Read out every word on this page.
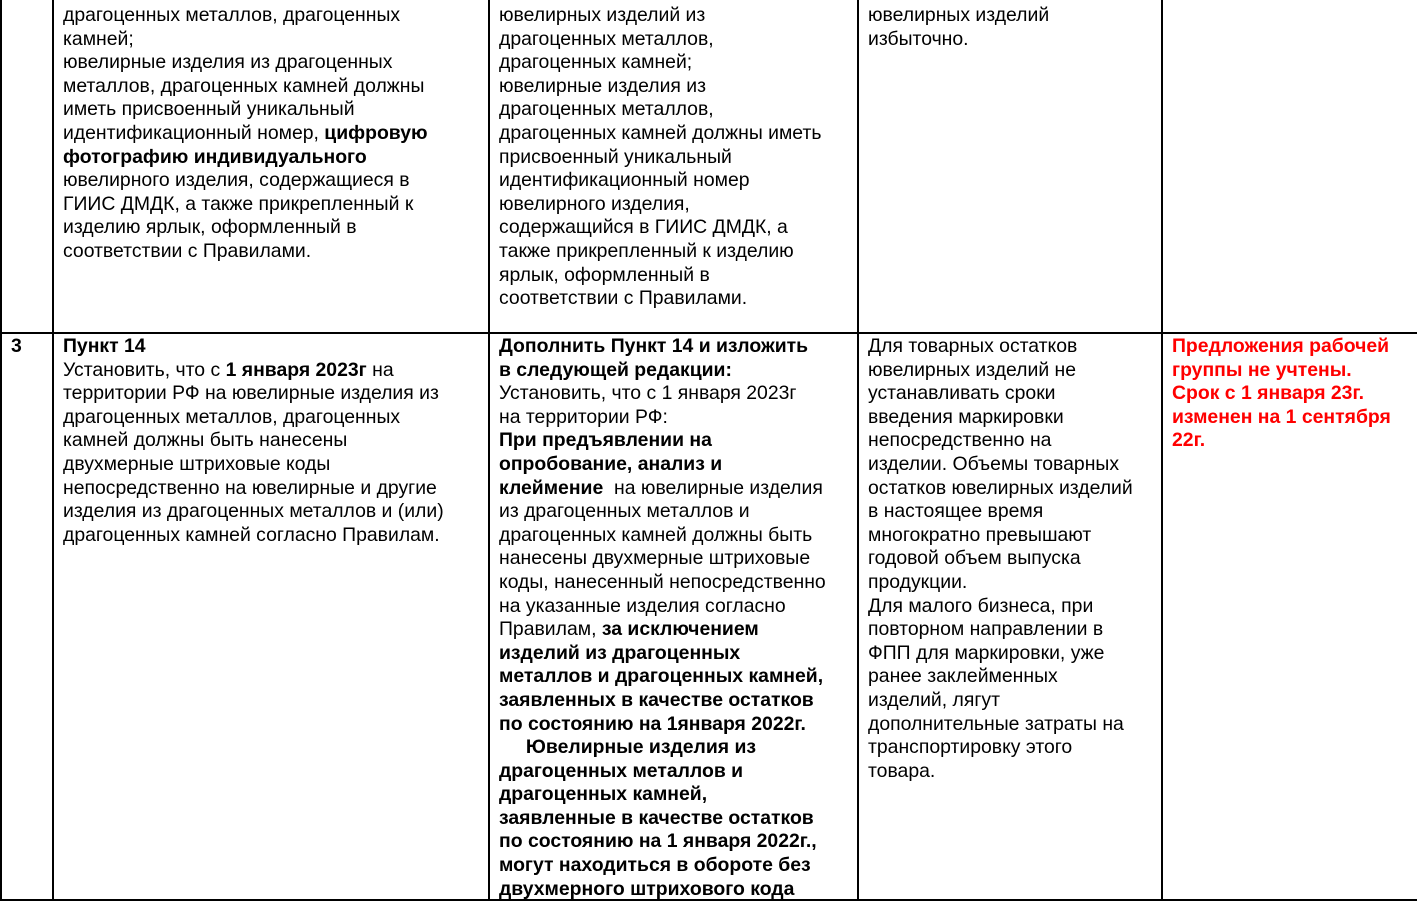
драгоценных металлов, драгоценных
камней;
ювелирные изделия из драгоценных
металлов, драгоценных камней должны
иметь присвоенный уникальный
идентификационный номер, цифровую
фотографию индивидуального
ювелирного изделия, содержащиеся в
ГИИС ДМДК, а также прикрепленный к
изделию ярлык, оформленный в
соответствии с Правилами.
ювелирных изделий из
драгоценных металлов,
драгоценных камней;
ювелирные изделия из
драгоценных металлов,
драгоценных камней должны иметь
присвоенный уникальный
идентификационный номер
ювелирного изделия,
содержащийся в ГИИС ДМДК, а
также прикрепленный к изделию
ярлык, оформленный в
соответствии с Правилами.
ювелирных изделий
избыточно.
3 Пункт 14
Установить, что с 1 января 2023г на
территории РФ на ювелирные изделия из
драгоценных металлов, драгоценных
камней должны быть нанесены
двухмерные штриховые коды
непосредственно на ювелирные и другие
изделия из драгоценных металлов и (или)
драгоценных камней согласно Правилам.
Дополнить Пункт 14 и изложить
в следующей редакции:
Установить, что с 1 января 2023г
на территории РФ:
При предъявлении на
опробование, анализ и
клеймение  на ювелирные изделия
из драгоценных металлов и
драгоценных камней должны быть
нанесены двухмерные штриховые
коды, нанесенный непосредственно
на указанные изделия согласно
Правилам, за исключением
изделий из драгоценных
металлов и драгоценных камней,
заявленных в качестве остатков
по состоянию на 1января 2022г.
Ювелирные изделия из
драгоценных металлов и
драгоценных камней,
заявленные в качестве остатков
по состоянию на 1 января 2022г.,
могут находиться в обороте без
двухмерного штрихового кода
Для товарных остатков
ювелирных изделий не
устанавливать сроки
введения маркировки
непосредственно на
изделии. Объемы товарных
остатков ювелирных изделий
в настоящее время
многократно превышают
годовой объем выпуска
продукции.
Для малого бизнеса, при
повторном направлении в
ФПП для маркировки, уже
ранее заклейменных
изделий, лягут
дополнительные затраты на
транспортировку этого
товара.
Предложения рабочей
группы не учтены.
Срок с 1 января 23г.
изменен на 1 сентября
22г.
